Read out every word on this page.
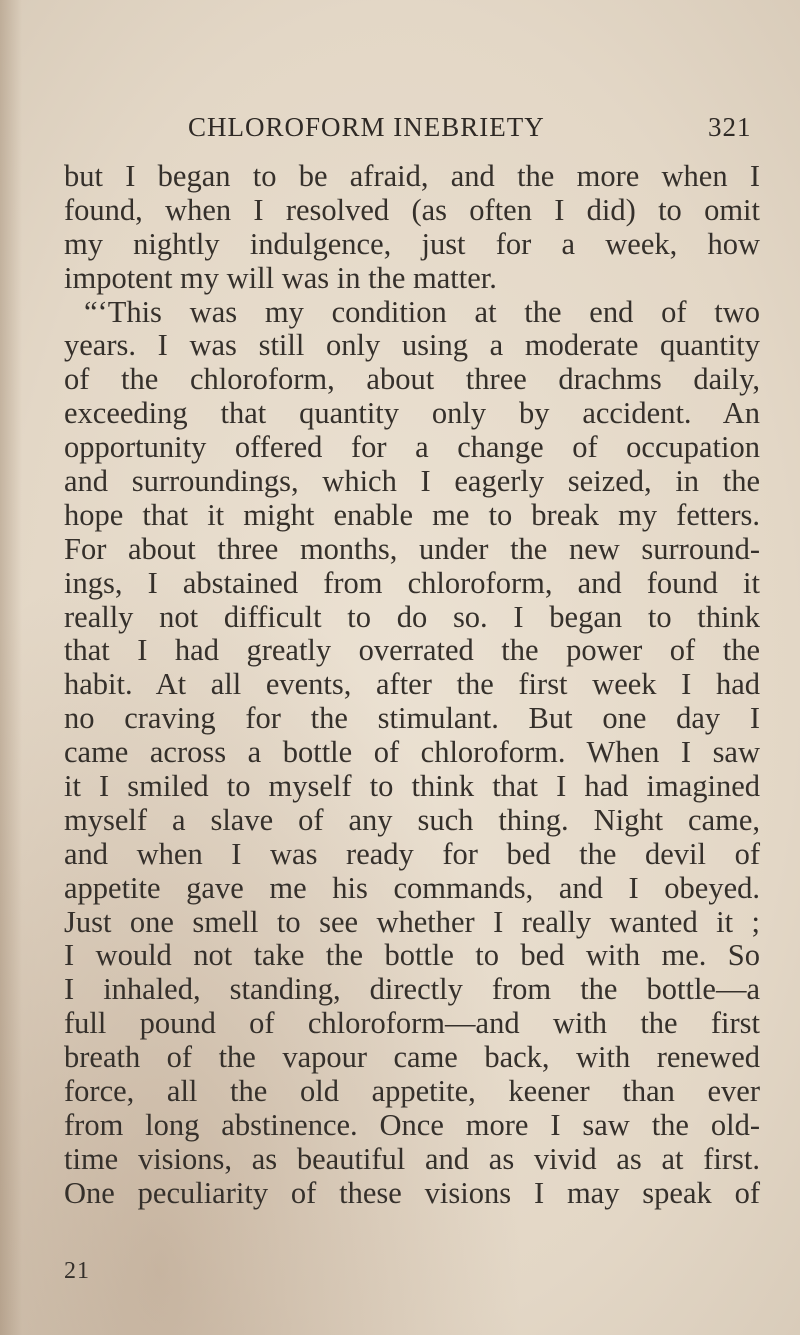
CHLOROFORM INEBRIETY	321
but I began to be afraid, and the more when I
found, when I resolved (as often I did) to omit
my nightly indulgence, just for a week, how
impotent my will was in the matter.
“‘This was my condition at the end of two
years. I was still only using a moderate quantity
of the chloroform, about three drachms daily,
exceeding that quantity only by accident. An
opportunity offered for a change of occupation
and surroundings, which I eagerly seized, in the
hope that it might enable me to break my fetters.
For about three months, under the new surround-
ings, I abstained from chloroform, and found it
really not difficult to do so. I began to think
that I had greatly overrated the power of the
habit. At all events, after the first week I had
no craving for the stimulant. But one day I
came across a bottle of chloroform. When I saw
it I smiled to myself to think that I had imagined
myself a slave of any such thing. Night came,
and when I was ready for bed the devil of
appetite gave me his commands, and I obeyed.
Just one smell to see whether I really wanted it ;
I would not take the bottle to bed with me. So
I inhaled, standing, directly from the bottle—a
full pound of chloroform—and with the first
breath of the vapour came back, with renewed
force, all the old appetite, keener than ever
from long abstinence. Once more I saw the old-
time visions, as beautiful and as vivid as at first.
One peculiarity of these visions I may speak of
21
